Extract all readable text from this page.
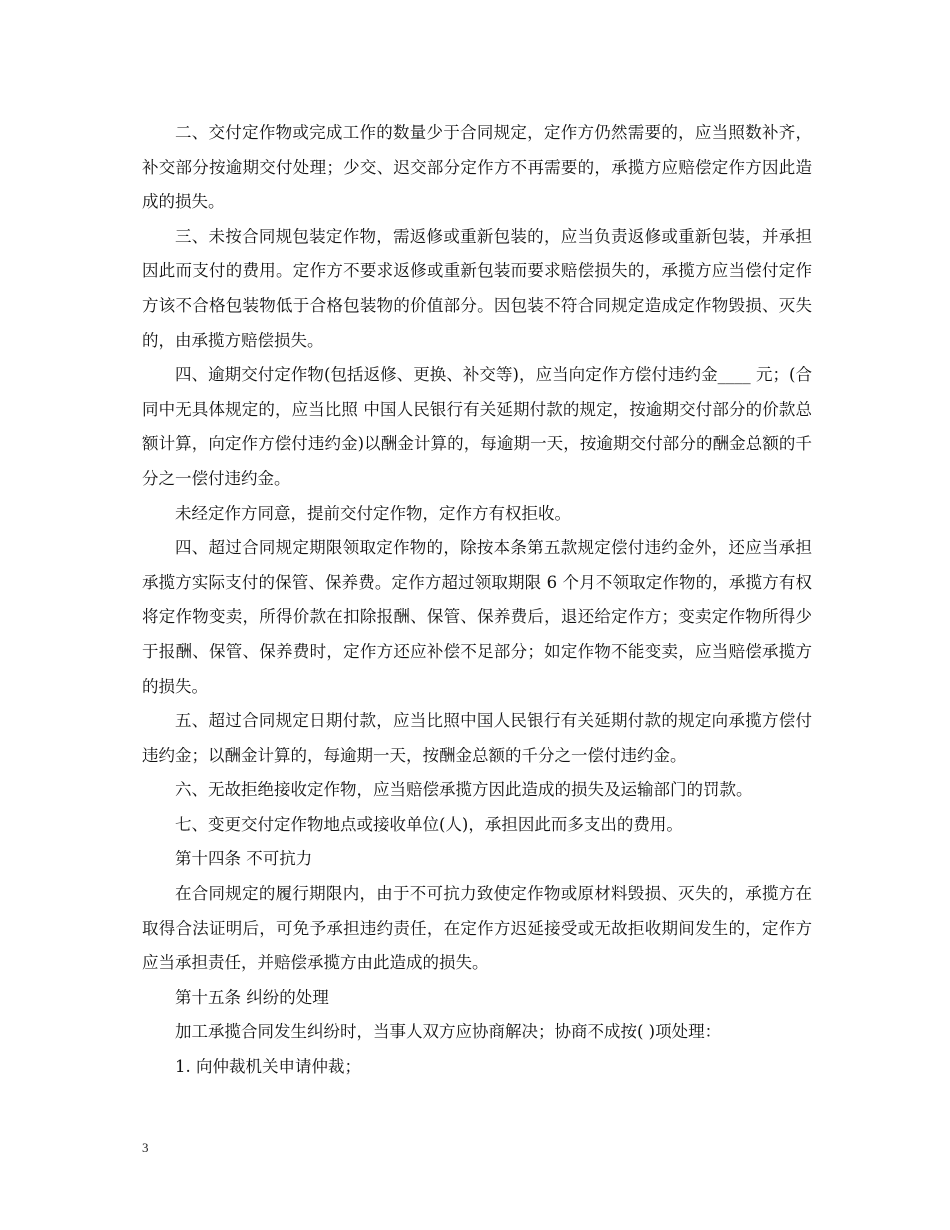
二、交付定作物或完成工作的数量少于合同规定，定作方仍然需要的，应当照数补齐，补交部分按逾期交付处理；少交、迟交部分定作方不再需要的，承揽方应赔偿定作方因此造成的损失。

三、未按合同规包装定作物，需返修或重新包装的，应当负责返修或重新包装，并承担因此而支付的费用。定作方不要求返修或重新包装而要求赔偿损失的，承揽方应当偿付定作方该不合格包装物低于合格包装物的价值部分。因包装不符合同规定造成定作物毁损、灭失的，由承揽方赔偿损失。

四、逾期交付定作物(包括返修、更换、补交等)，应当向定作方偿付违约金____ 元；(合同中无具体规定的，应当比照 中国人民银行有关延期付款的规定，按逾期交付部分的价款总额计算，向定作方偿付违约金)以酬金计算的，每逾期一天，按逾期交付部分的酬金总额的千分之一偿付违约金。

未经定作方同意，提前交付定作物，定作方有权拒收。

四、超过合同规定期限领取定作物的，除按本条第五款规定偿付违约金外，还应当承担承揽方实际支付的保管、保养费。定作方超过领取期限 6 个月不领取定作物的，承揽方有权将定作物变卖，所得价款在扣除报酬、保管、保养费后，退还给定作方；变卖定作物所得少于报酬、保管、保养费时，定作方还应补偿不足部分；如定作物不能变卖，应当赔偿承揽方的损失。

五、超过合同规定日期付款，应当比照中国人民银行有关延期付款的规定向承揽方偿付违约金；以酬金计算的，每逾期一天，按酬金总额的千分之一偿付违约金。

六、无故拒绝接收定作物，应当赔偿承揽方因此造成的损失及运输部门的罚款。

七、变更交付定作物地点或接收单位(人)，承担因此而多支出的费用。

第十四条 不可抗力

在合同规定的履行期限内，由于不可抗力致使定作物或原材料毁损、灭失的，承揽方在取得合法证明后，可免予承担违约责任，在定作方迟延接受或无故拒收期间发生的，定作方应当承担责任，并赔偿承揽方由此造成的损失。

第十五条 纠纷的处理

加工承揽合同发生纠纷时，当事人双方应协商解决；协商不成按( )项处理：

1. 向仲裁机关申请仲裁；

3
